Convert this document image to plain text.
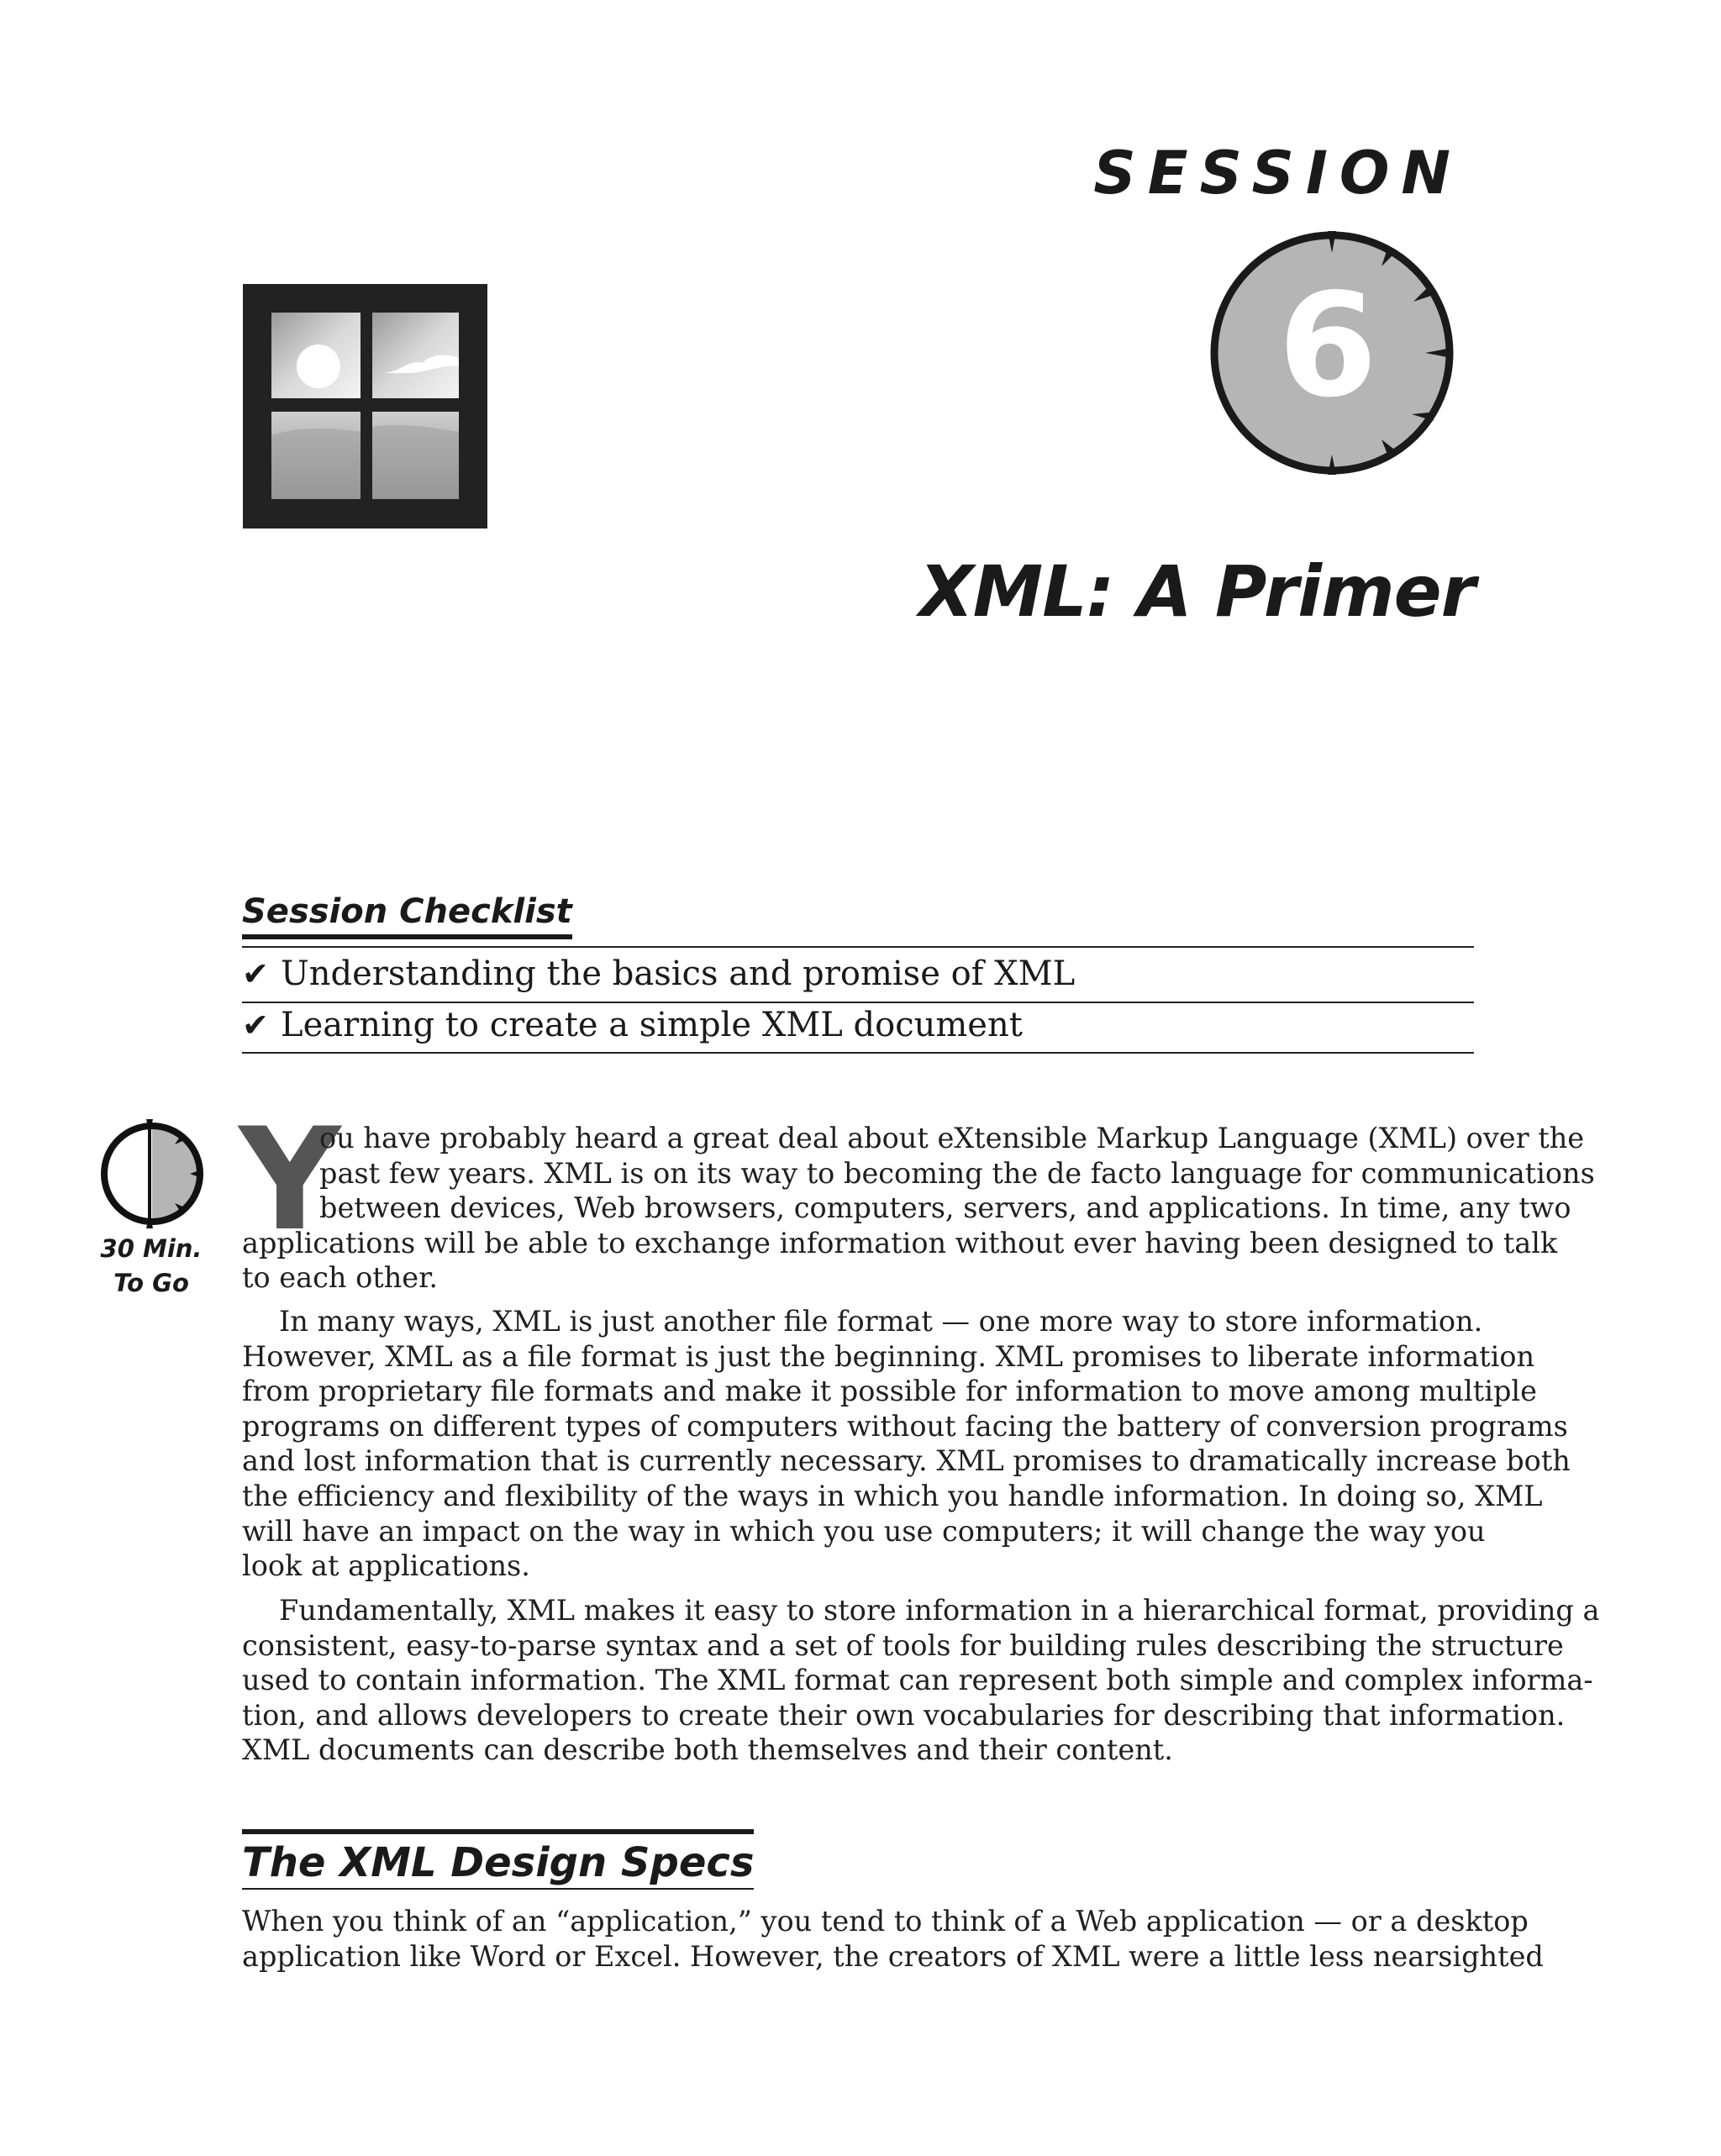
SESSION
6
XML: A Primer
Session Checklist
✔ Understanding the basics and promise of XML
✔ Learning to create a simple XML document
30 Min.
To Go
Y
ou have probably heard a great deal about eXtensible Markup Language (XML) over the
past few years. XML is on its way to becoming the de facto language for communications
between devices, Web browsers, computers, servers, and applications. In time, any two
applications will be able to exchange information without ever having been designed to talk
to each other.
In many ways, XML is just another file format — one more way to store information.
However, XML as a file format is just the beginning. XML promises to liberate information
from proprietary file formats and make it possible for information to move among multiple
programs on different types of computers without facing the battery of conversion programs
and lost information that is currently necessary. XML promises to dramatically increase both
the efficiency and flexibility of the ways in which you handle information. In doing so, XML
will have an impact on the way in which you use computers; it will change the way you
look at applications.
Fundamentally, XML makes it easy to store information in a hierarchical format, providing a
consistent, easy-to-parse syntax and a set of tools for building rules describing the structure
used to contain information. The XML format can represent both simple and complex informa-
tion, and allows developers to create their own vocabularies for describing that information.
XML documents can describe both themselves and their content.
The XML Design Specs
When you think of an “application,” you tend to think of a Web application — or a desktop
application like Word or Excel. However, the creators of XML were a little less nearsighted
